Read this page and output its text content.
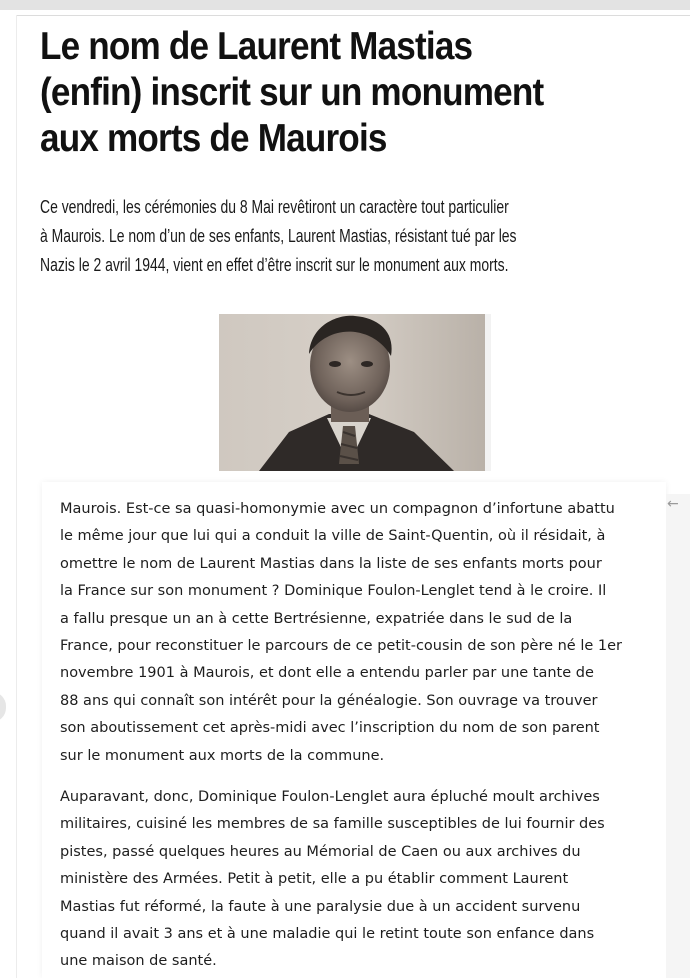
Le nom de Laurent Mastias
(enfin) inscrit sur un monument
aux morts de Maurois

Ce vendredi, les cérémonies du 8 Mai revêtiront un caractère tout particulier
à Maurois. Le nom d’un de ses enfants, Laurent Mastias, résistant tué par les
Nazis le 2 avril 1944, vient en effet d’être inscrit sur le monument aux morts.

←

Maurois. Est-ce sa quasi-homonymie avec un compagnon d’infortune abattu
le même jour que lui qui a conduit la ville de Saint-Quentin, où il résidait, à
omettre le nom de Laurent Mastias dans la liste de ses enfants morts pour
la France sur son monument ? Dominique Foulon-Lenglet tend à le croire. Il
a fallu presque un an à cette Bertrésienne, expatriée dans le sud de la
France, pour reconstituer le parcours de ce petit-cousin de son père né le 1er
novembre 1901 à Maurois, et dont elle a entendu parler par une tante de
88 ans qui connaît son intérêt pour la généalogie. Son ouvrage va trouver
son aboutissement cet après-midi avec l’inscription du nom de son parent
sur le monument aux morts de la commune.

Auparavant, donc, Dominique Foulon-Lenglet aura épluché moult archives
militaires, cuisiné les membres de sa famille susceptibles de lui fournir des
pistes, passé quelques heures au Mémorial de Caen ou aux archives du
ministère des Armées. Petit à petit, elle a pu établir comment Laurent
Mastias fut réformé, la faute à une paralysie due à un accident survenu
quand il avait 3 ans et à une maladie qui le retint toute son enfance dans
une maison de santé.
